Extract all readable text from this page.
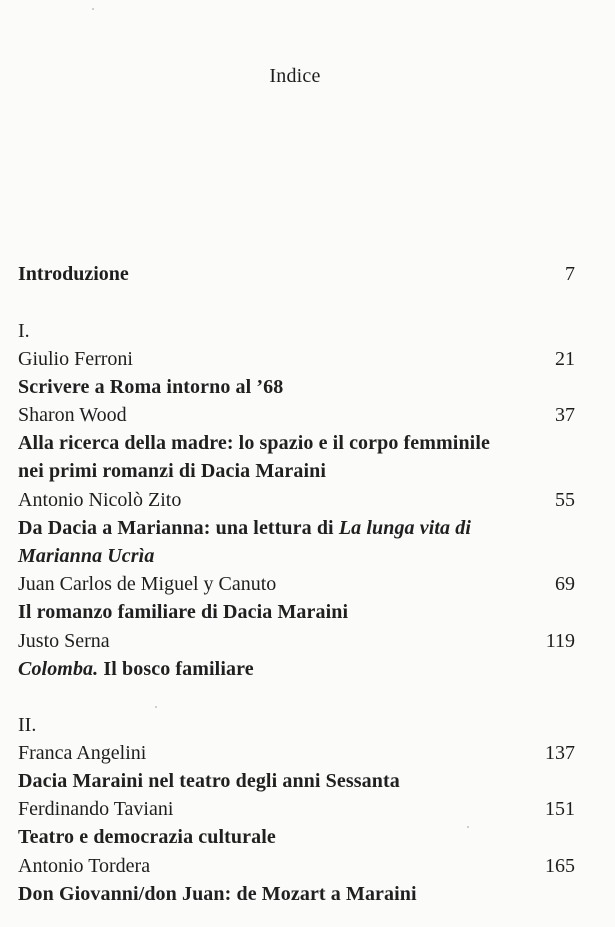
Indice
Introduzione	7
I.
Giulio Ferroni	21
Scrivere a Roma intorno al ’68
Sharon Wood	37
Alla ricerca della madre: lo spazio e il corpo femminile
nei primi romanzi di Dacia Maraini
Antonio Nicolò Zito	55
Da Dacia a Marianna: una lettura di La lunga vita di
Marianna Ucrìa
Juan Carlos de Miguel y Canuto	69
Il romanzo familiare di Dacia Maraini
Justo Serna	119
Colomba. Il bosco familiare
II.
Franca Angelini	137
Dacia Maraini nel teatro degli anni Sessanta
Ferdinando Taviani	151
Teatro e democrazia culturale
Antonio Tordera	165
Don Giovanni/don Juan: de Mozart a Maraini
